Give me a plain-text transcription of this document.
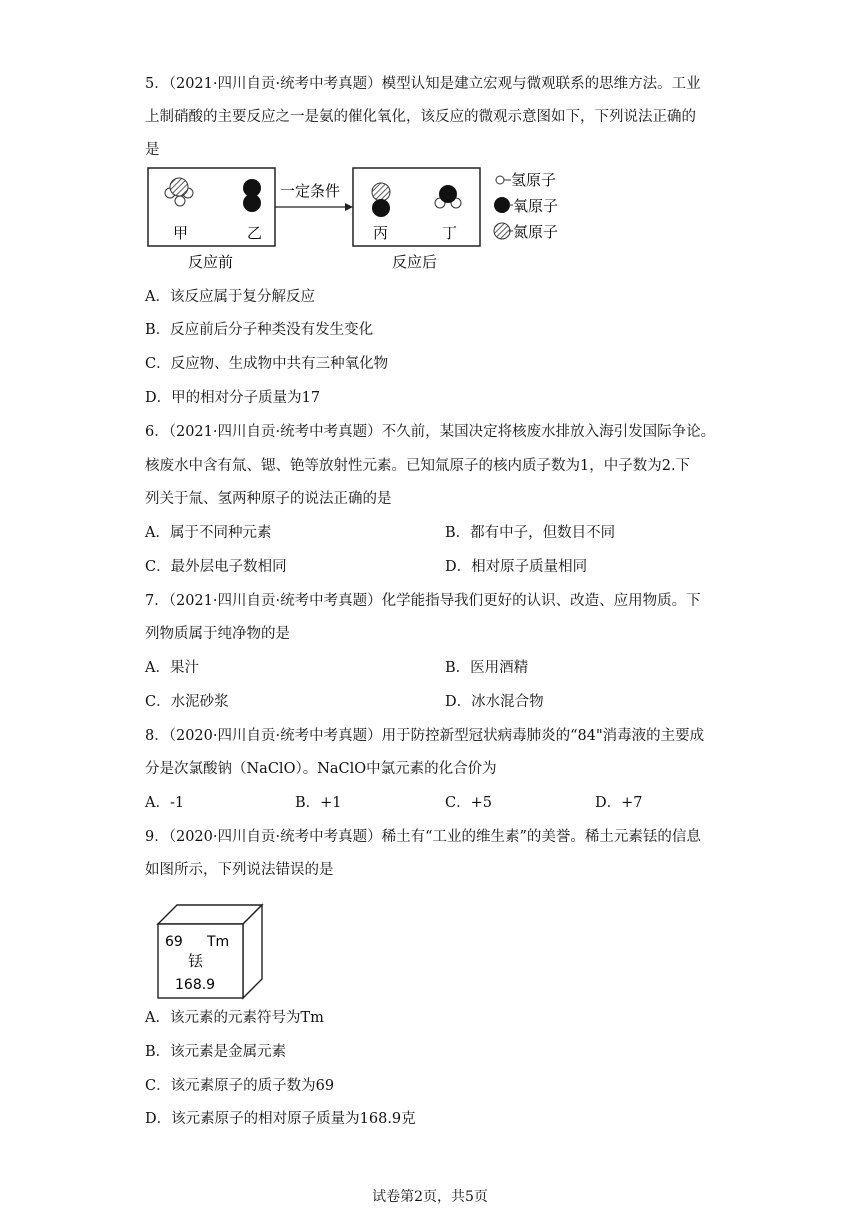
5．（2021·四川自贡·统考中考真题）模型认知是建立宏观与微观联系的思维方法。工业
上制硝酸的主要反应之一是氨的催化氧化，该反应的微观示意图如下，下列说法正确的
是
甲	乙
一定条件
丙	丁
氢原子
氧原子
氮原子
反应前	反应后
A．该反应属于复分解反应
B．反应前后分子种类没有发生变化
C．反应物、生成物中共有三种氧化物
D．甲的相对分子质量为17
6．（2021·四川自贡·统考中考真题）不久前，某国决定将核废水排放入海引发国际争论。
核废水中含有氚、锶、铯等放射性元素。已知氚原子的核内质子数为1，中子数为2.下
列关于氚、氢两种原子的说法正确的是
A．属于不同种元素	B．都有中子，但数目不同
C．最外层电子数相同	D．相对原子质量相同
7．（2021·四川自贡·统考中考真题）化学能指导我们更好的认识、改造、应用物质。下
列物质属于纯净物的是
A．果汁	B．医用酒精
C．水泥砂浆	D．冰水混合物
8．（2020·四川自贡·统考中考真题）用于防控新型冠状病毒肺炎的“84"消毒液的主要成
分是次氯酸钠（NaClO）。NaClO中氯元素的化合价为
A．-1	B．+1	C．+5	D．+7
9．（2020·四川自贡·统考中考真题）稀土有“工业的维生素”的美誉。稀土元素铥的信息
如图所示，下列说法错误的是
69 Tm
铥
168.9
A．该元素的元素符号为Tm
B．该元素是金属元素
C．该元素原子的质子数为69
D．该元素原子的相对原子质量为168.9克
试卷第2页，共5页
